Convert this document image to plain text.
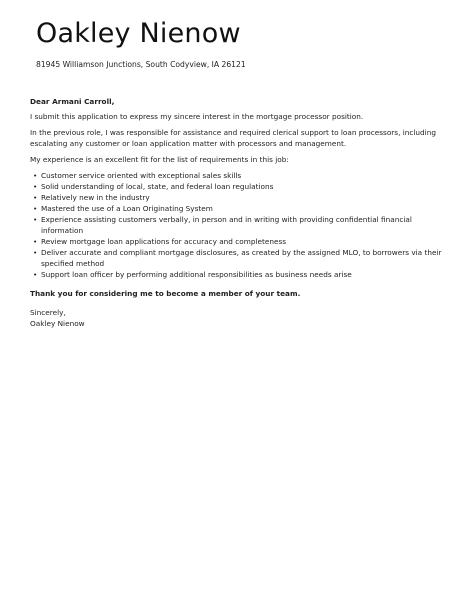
Oakley Nienow
81945 Williamson Junctions, South Codyview, IA 26121

Dear Armani Carroll,

I submit this application to express my sincere interest in the mortgage processor position.

In the previous role, I was responsible for assistance and required clerical support to loan processors, including escalating any customer or loan application matter with processors and management.

My experience is an excellent fit for the list of requirements in this job:

• Customer service oriented with exceptional sales skills
• Solid understanding of local, state, and federal loan regulations
• Relatively new in the industry
• Mastered the use of a Loan Originating System
• Experience assisting customers verbally, in person and in writing with providing confidential financial information
• Review mortgage loan applications for accuracy and completeness
• Deliver accurate and compliant mortgage disclosures, as created by the assigned MLO, to borrowers via their specified method
• Support loan officer by performing additional responsibilities as business needs arise

Thank you for considering me to become a member of your team.

Sincerely,

Oakley Nienow
